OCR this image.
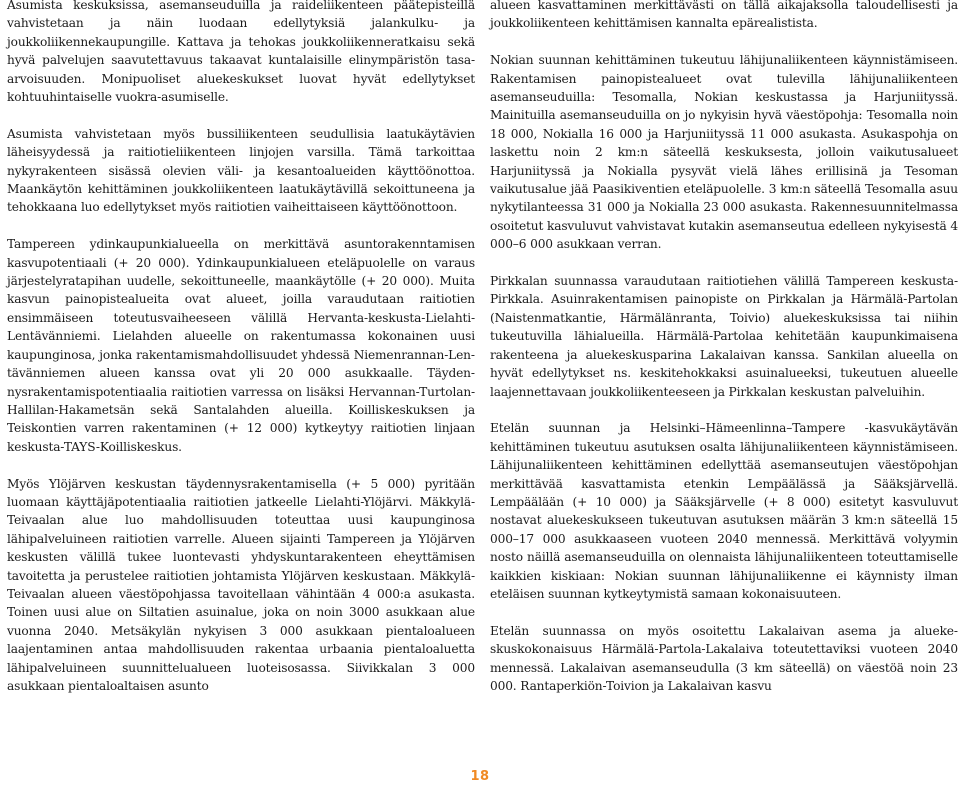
Asumista keskuksissa, asemanseuduilla ja raideliikenteen päätepisteillä vahvistetaan ja näin luodaan edellytyksiä jalankulku- ja joukkoliikennekaupungille. Kattava ja tehokas joukkoliikenneratkaisu sekä hyvä palvelujen saavutettavuus takaavat kuntalaisille elinympäristön tasa-arvoisuuden. Monipuoliset aluekeskukset luovat hyvät edellytykset kohtuuhintaiselle vuokra-asumiselle.

Asumista vahvistetaan myös bussiliikenteen seudullisia laatukäytävien läheisyydessä ja raitiotieliikenteen linjojen varsilla. Tämä tarkoittaa nykyrakenteen sisässä olevien väli- ja kesantoalueiden käyttöönottoa. Maankäytön kehittäminen joukkoliikenteen laatukäytävillä sekoittuneena ja tehokkaana luo edellytykset myös raitiotien vaiheittaiseen käyttöönottoon.

Tampereen ydinkaupunkialueella on merkittävä asuntorakenntamisen kasvupotentiaali (+ 20 000). Ydinkaupunkialueen eteläpuolelle on varaus järjestelyratapihan uudelle, sekoittuneelle, maankäytölle (+ 20 000). Muita kasvun painopistealueita ovat alueet, joilla varaudutaan raitiotien ensimmäiseen toteutusvaiheeseen välillä Hervanta-keskusta-Lielahti-Lentävänniemi. Lielahden alueelle on rakentumassa kokonainen uusi kaupunginosa, jonka rakentamismahdollisuudet yhdessä Niemenrannan-Lentävänniemen alueen kanssa ovat yli 20 000 asukkaalle. Täydennysrakentamispotentiaalia raitiotien varressa on lisäksi Hervannan-Turtolan-Hallilan-Hakametsän sekä Santalahden alueilla. Koilliskeskuksen ja Teiskontien varren rakentaminen (+ 12 000) kytkeytyy raitiotien linjaan keskusta-TAYS-Koilliskeskus.

Myös Ylöjärven keskustan täydennysrakentamisella (+ 5 000) pyritään luomaan käyttäjäpotentiaalia raitiotien jatkeelle Lielahti-Ylöjärvi. Mäkkylä-Teivaalan alue luo mahdollisuuden toteuttaa uusi kaupunginosa lähipalveluineen raitiotien varrelle. Alueen sijainti Tampereen ja Ylöjärven keskusten välillä tukee luontevasti yhdyskuntarakenteen eheyttämisen tavoitetta ja perustelee raitiotien johtamista Ylöjärven keskustaan. Mäkkylä-Teivaalan alueen väestöpohjassa tavoitellaan vähintään 4 000:a asukasta. Toinen uusi alue on Siltatien asuinalue, joka on noin 3000 asukkaan alue vuonna 2040. Metsäkylän nykyisen 3 000 asukkaan pientaloalueen laajentaminen antaa mahdollisuuden rakentaa urbaania pientaloaluetta lähipalveluineen suunnittelualueen luoteisosassa. Siivikkalan 3 000 asukkaan pientaloaltaisen asunto

alueen kasvattaminen merkittävästi on tällä aikajaksolla taloudellisesti ja joukkoliikenteen kehittämisen kannalta epärealistista.

Nokian suunnan kehittäminen tukeutuu lähijunaliikenteen käynnistämiseen. Rakentamisen painopistealueet ovat tulevilla lähijunaliikenteen asemanseuduilla: Tesomalla, Nokian keskustassa ja Harjuniityssä. Mainituilla asemanseuduilla on jo nykyisin hyvä väestöpohja: Tesomalla noin 18 000, Nokialla 16 000 ja Harjuniityssä 11 000 asukasta. Asukaspohja on laskettu noin 2 km:n säteellä keskuksesta, jolloin vaikutusalueet Harjuniityssä ja Nokialla pysyvät vielä lähes erillisinä ja Tesoman vaikutusalue jää Paasikiventien eteläpuolelle. 3 km:n säteellä Tesomalla asuu nykytilanteessa 31 000 ja Nokialla 23 000 asukasta. Rakennesuunnitelmassa osoitetut kasvuluvut vahvistavat kutakin asemanseutua edelleen nykyisestä 4 000–6 000 asukkaan verran.

Pirkkalan suunnassa varaudutaan raitiotiehen välillä Tampereen keskusta-Pirkkala. Asuinrakentamisen painopiste on Pirkkalan ja Härmälä-Partolan (Naistenmatkantie, Härmälänranta, Toivio) aluekeskuksissa tai niihin tukeutuvilla lähialueilla. Härmälä-Partolaa kehitetään kaupunkimaisena rakenteena ja aluekeskusparina Lakalaivan kanssa. Sankilan alueella on hyvät edellytykset ns. keskitehokkaksi asuinalueeksi, tukeutuen alueelle laajennettavaan joukkoliikenteeseen ja Pirkkalan keskustan palveluihin.

Etelän suunnan ja Helsinki–Hämeenlinna–Tampere -kasvukäytävän kehittäminen tukeutuu asutuksen osalta lähijunaliikenteen käynnistämiseen. Lähijunaliikenteen kehittäminen edellyttää asemanseutujen väestöpohjan merkittävää kasvattamista etenkin Lempäälässä ja Sääksjärvellä. Lempäälään (+ 10 000) ja Sääksjärvelle (+ 8 000) esitetyt kasvuluvut nostavat aluekeskukseen tukeutuvan asutuksen määrän 3 km:n säteellä 15 000–17 000 asukkaaseen vuoteen 2040 mennessä. Merkittävä volyymin nosto näillä asemanseuduilla on olennaista lähijunaliikenteen toteuttamiselle kaikkien kiskiaan: Nokian suunnan lähijunaliikenne ei käynnisty ilman eteläisen suunnan kytkeytymistä samaan kokonaisuuteen.

Etelän suunnassa on myös osoitettu Lakalaivan asema ja aluekeskuskokonaisuus Härmälä-Partola-Lakalaiva toteutettaviksi vuoteen 2040 mennessä. Lakalaivan asemanseudulla (3 km säteellä) on väestöä noin 23 000. Rantaperkiön-Toivion ja Lakalaivan kasvu

18
